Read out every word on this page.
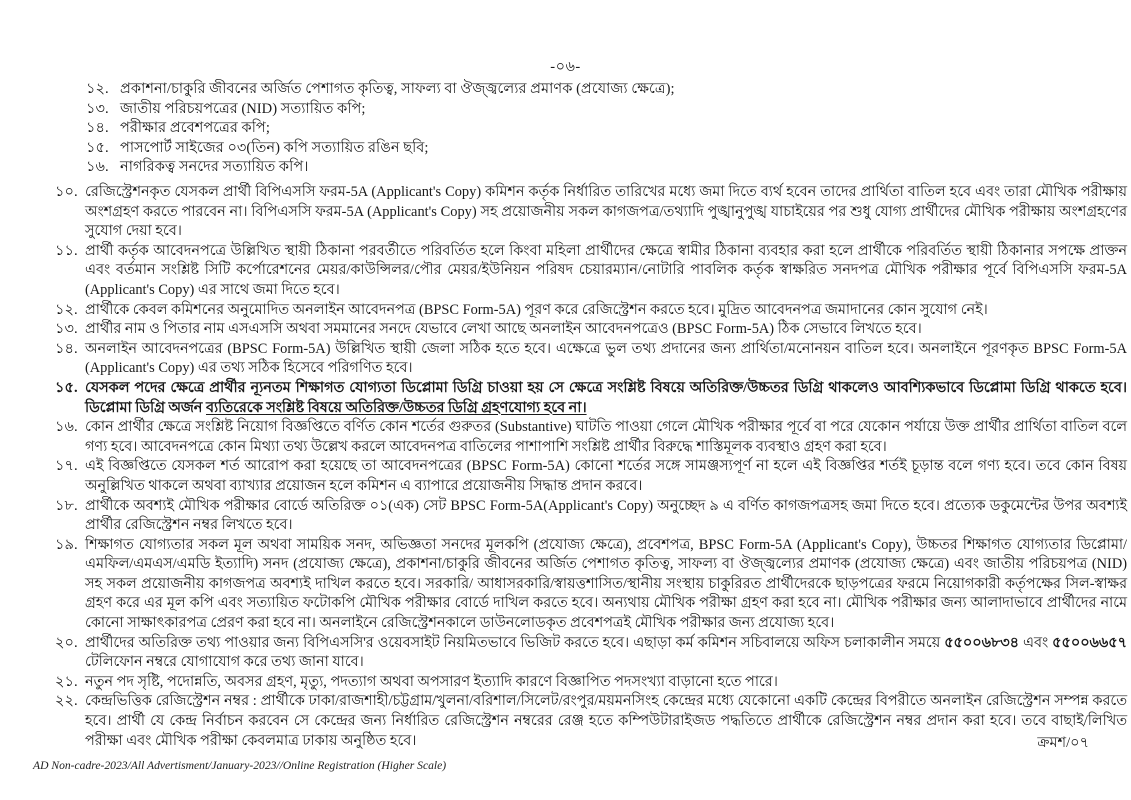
-০৬-
১২. প্রকাশনা/চাকুরি জীবনের অর্জিত পেশাগত কৃতিত্ব, সাফল্য বা ঔজ্জ্বল্যের প্রমাণক (প্রযোজ্য ক্ষেত্রে);
১৩. জাতীয় পরিচয়পত্রের (NID) সত্যায়িত কপি;
১৪. পরীক্ষার প্রবেশপত্রের কপি;
১৫. পাসপোর্ট সাইজের ০৩(তিন) কপি সত্যায়িত রঙিন ছবি;
১৬. নাগরিকত্ব সনদের সত্যায়িত কপি।
১০. রেজিস্ট্রেশনকৃত যেসকল প্রার্থী বিপিএসসি ফরম-5A (Applicant's Copy) কমিশন কর্তৃক নির্ধারিত তারিখের মধ্যে জমা দিতে ব্যর্থ হবেন তাদের প্রার্থিতা বাতিল হবে এবং তারা মৌখিক পরীক্ষায় অংশগ্রহণ করতে পারবেন না। বিপিএসসি ফরম-5A (Applicant's Copy) সহ প্রয়োজনীয় সকল কাগজপত্র/তথ্যাদি পুঙ্খানুপুঙ্খ যাচাইয়ের পর শুধু যোগ্য প্রার্থীদের মৌখিক পরীক্ষায় অংশগ্রহণের সুযোগ দেয়া হবে।
১১. প্রার্থী কর্তৃক আবেদনপত্রে উল্লিখিত স্থায়ী ঠিকানা পরবর্তীতে পরিবর্তিত হলে কিংবা মহিলা প্রার্থীদের ক্ষেত্রে স্বামীর ঠিকানা ব্যবহার করা হলে প্রার্থীকে পরিবর্তিত স্থায়ী ঠিকানার সপক্ষে প্রাক্তন এবং বর্তমান সংশ্লিষ্ট সিটি কর্পোরেশনের মেয়র/কাউন্সিলর/পৌর মেয়র/ইউনিয়ন পরিষদ চেয়ারম্যান/নোটারি পাবলিক কর্তৃক স্বাক্ষরিত সনদপত্র মৌখিক পরীক্ষার পূর্বে বিপিএসসি ফরম-5A (Applicant's Copy) এর সাথে জমা দিতে হবে।
১২. প্রার্থীকে কেবল কমিশনের অনুমোদিত অনলাইন আবেদনপত্র (BPSC Form-5A) পূরণ করে রেজিস্ট্রেশন করতে হবে। মুদ্রিত আবেদনপত্র জমাদানের কোন সুযোগ নেই।
১৩. প্রার্থীর নাম ও পিতার নাম এসএসসি অথবা সমমানের সনদে যেভাবে লেখা আছে অনলাইন আবেদনপত্রেও (BPSC Form-5A) ঠিক সেভাবে লিখতে হবে।
১৪. অনলাইন আবেদনপত্রের (BPSC Form-5A) উল্লিখিত স্থায়ী জেলা সঠিক হতে হবে। এক্ষেত্রে ভুল তথ্য প্রদানের জন্য প্রার্থিতা/মনোনয়ন বাতিল হবে। অনলাইনে পূরণকৃত BPSC Form-5A (Applicant's Copy) এর তথ্য সঠিক হিসেবে পরিগণিত হবে।
১৫. যেসকল পদের ক্ষেত্রে প্রার্থীর ন্যূনতম শিক্ষাগত যোগ্যতা ডিপ্লোমা ডিগ্রি চাওয়া হয় সে ক্ষেত্রে সংশ্লিষ্ট বিষয়ে অতিরিক্ত/উচ্চতর ডিগ্রি থাকলেও আবশ্যিকভাবে ডিপ্লোমা ডিগ্রি থাকতে হবে। ডিপ্লোমা ডিগ্রি অর্জন ব্যতিরেকে সংশ্লিষ্ট বিষয়ে অতিরিক্ত/উচ্চতর ডিগ্রি গ্রহণযোগ্য হবে না।
১৬. কোন প্রার্থীর ক্ষেত্রে সংশ্লিষ্ট নিয়োগ বিজ্ঞপ্তিতে বর্ণিত কোন শর্তের গুরুতর (Substantive) ঘাটতি পাওয়া গেলে মৌখিক পরীক্ষার পূর্বে বা পরে যেকোন পর্যায়ে উক্ত প্রার্থীর প্রার্থিতা বাতিল বলে গণ্য হবে। আবেদনপত্রে কোন মিথ্যা তথ্য উল্লেখ করলে আবেদনপত্র বাতিলের পাশাপাশি সংশ্লিষ্ট প্রার্থীর বিরুদ্ধে শাস্তিমূলক ব্যবস্থাও গ্রহণ করা হবে।
১৭. এই বিজ্ঞপ্তিতে যেসকল শর্ত আরোপ করা হয়েছে তা আবেদনপত্রের (BPSC Form-5A) কোনো শর্তের সঙ্গে সামঞ্জস্যপূর্ণ না হলে এই বিজ্ঞপ্তির শর্তই চূড়ান্ত বলে গণ্য হবে। তবে কোন বিষয় অনুল্লিখিত থাকলে অথবা ব্যাখ্যার প্রয়োজন হলে কমিশন এ ব্যাপারে প্রয়োজনীয় সিদ্ধান্ত প্রদান করবে।
১৮. প্রার্থীকে অবশ্যই মৌখিক পরীক্ষার বোর্ডে অতিরিক্ত ০১(এক) সেট BPSC Form-5A(Applicant's Copy) অনুচ্ছেদ ৯ এ বর্ণিত কাগজপত্রসহ জমা দিতে হবে। প্রত্যেক ডকুমেন্টের উপর অবশ্যই প্রার্থীর রেজিস্ট্রেশন নম্বর লিখতে হবে।
১৯. শিক্ষাগত যোগ্যতার সকল মূল অথবা সাময়িক সনদ, অভিজ্ঞতা সনদের মূলকপি (প্রযোজ্য ক্ষেত্রে), প্রবেশপত্র, BPSC Form-5A (Applicant's Copy), উচ্চতর শিক্ষাগত যোগ্যতার ডিপ্লোমা/এমফিল/এমএস/এমডি ইত্যাদি) সনদ (প্রযোজ্য ক্ষেত্রে), প্রকাশনা/চাকুরি জীবনের অর্জিত পেশাগত কৃতিত্ব, সাফল্য বা ঔজ্জ্বল্যের প্রমাণক (প্রযোজ্য ক্ষেত্রে) এবং জাতীয় পরিচয়পত্র (NID) সহ সকল প্রয়োজনীয় কাগজপত্র অবশ্যই দাখিল করতে হবে। সরকারি/ আধাসরকারি/স্বায়ত্তশাসিত/স্থানীয় সংস্থায় চাকুরিরত প্রার্থীদেরকে ছাড়পত্রের ফরমে নিয়োগকারী কর্তৃপক্ষের সিল-স্বাক্ষর গ্রহণ করে এর মূল কপি এবং সত্যায়িত ফটোকপি মৌখিক পরীক্ষার বোর্ডে দাখিল করতে হবে। অন্যথায় মৌখিক পরীক্ষা গ্রহণ করা হবে না। মৌখিক পরীক্ষার জন্য আলাদাভাবে প্রার্থীদের নামে কোনো সাক্ষাৎকারপত্র প্রেরণ করা হবে না। অনলাইনে রেজিস্ট্রেশনকালে ডাউনলোডকৃত প্রবেশপত্রই মৌখিক পরীক্ষার জন্য প্রযোজ্য হবে।
২০. প্রার্থীদের অতিরিক্ত তথ্য পাওয়ার জন্য বিপিএসসি'র ওয়েবসাইট নিয়মিতভাবে ভিজিট করতে হবে। এছাড়া কর্ম কমিশন সচিবালয়ে অফিস চলাকালীন সময়ে ৫৫০০৬৮৩৪ এবং ৫৫০০৬৬৫৭ টেলিফোন নম্বরে যোগাযোগ করে তথ্য জানা যাবে।
২১. নতুন পদ সৃষ্টি, পদোন্নতি, অবসর গ্রহণ, মৃত্যু, পদত্যাগ অথবা অপসারণ ইত্যাদি কারণে বিজ্ঞাপিত পদসংখ্যা বাড়ানো হতে পারে।
২২. কেন্দ্রভিত্তিক রেজিস্ট্রেশন নম্বর : প্রার্থীকে ঢাকা/রাজশাহী/চট্টগ্রাম/খুলনা/বরিশাল/সিলেট/রংপুর/ময়মনসিংহ কেন্দ্রের মধ্যে যেকোনো একটি কেন্দ্রের বিপরীতে অনলাইন রেজিস্ট্রেশন সম্পন্ন করতে হবে। প্রার্থী যে কেন্দ্র নির্বাচন করবেন সে কেন্দ্রের জন্য নির্ধারিত রেজিস্ট্রেশন নম্বরের রেঞ্জ হতে কম্পিউটারাইজড পদ্ধতিতে প্রার্থীকে রেজিস্ট্রেশন নম্বর প্রদান করা হবে। তবে বাছাই/লিখিত পরীক্ষা এবং মৌখিক পরীক্ষা কেবলমাত্র ঢাকায় অনুষ্ঠিত হবে।
AD Non-cadre-2023/All Advertisment/January-2023//Online Registration (Higher Scale)
ক্রমশ/০৭
